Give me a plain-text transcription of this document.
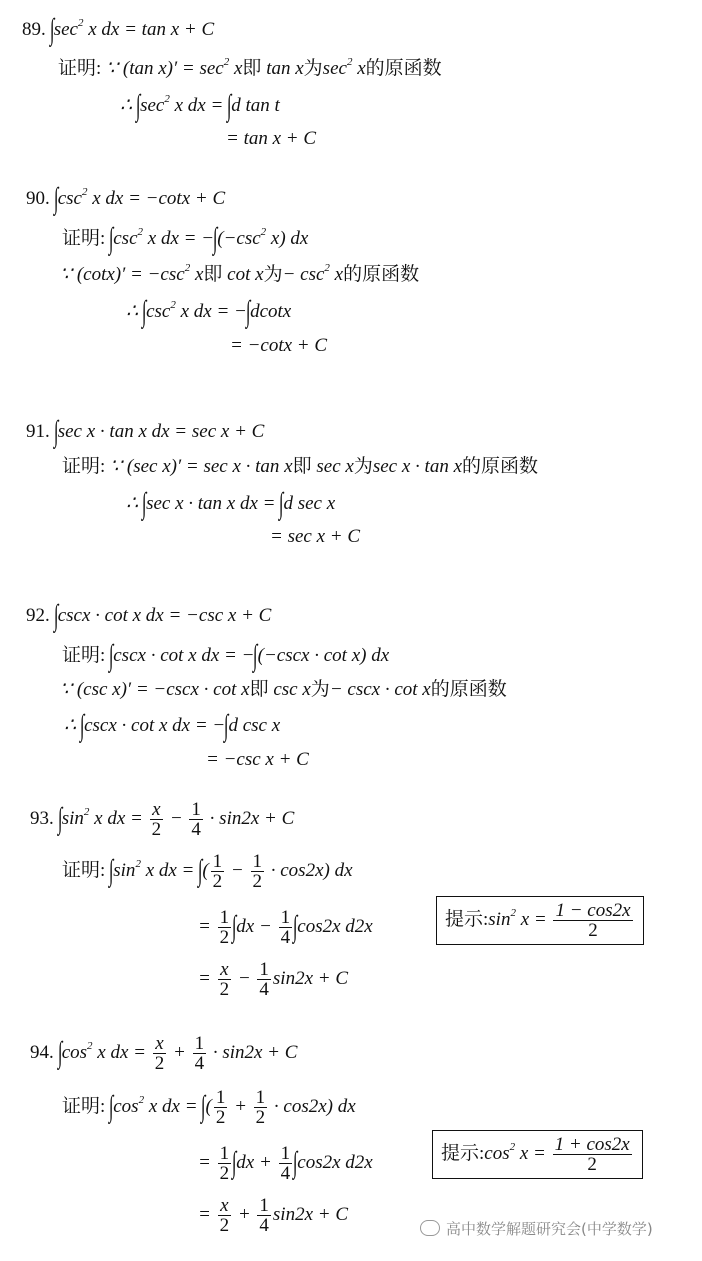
89. $\int\sec^2$ x dx = tan x + C
证明: ∵ (tan $x)' = \sec^2 x$即 tan x为$\sec^2 x$的原函数
∴ $\int\sec^2$ x dx = ∫d tan t
= tan x + C
90. $\int\csc^2$ x dx = −cotx + C
证明: $\int\csc^2$ x dx = $-\int(-\csc^2$ x) dx
∵ $(\cot x)' = -\csc^2$ x即 cot x为− $\csc^2 x$的原函数
∴ $\int\csc^2$ x dx = −∫dcotx
= −cotx + C
91. ∫sec x · tan x dx = sec x + C
证明: ∵ (sec x)′ = sec x · tan x即 sec x为sec x · tan x的原函数
∴ ∫sec x · tan x dx = ∫d sec x
= sec x + C
92. ∫cscx · cot x dx = −csc x + C
证明: ∫cscx · cot x dx = −∫(−cscx · cot x) dx
∵ (csc x)′ = −cscx · cot x即 csc x为− cscx · cot x的原函数
∴ ∫cscx · cot x dx = −∫d csc x
= −csc x + C
93. $\int\sin^2$ x dx = $\frac{x}{2} - \frac{1}{4} \cdot \sin 2x + C$
证明: $\int\sin^2$ x dx = ∫( $\frac{1}{2} - \frac{1}{2} \cdot \cos 2x$) dx
= $\frac{1}{2} \int dx - \frac{1}{4} \int\cos 2x$ d2x
= $\frac{x}{2} - \frac{1}{4} \sin 2x + C$
提示$:\sin^2$ $x = \frac{1 - \cos 2x}{2}$
94. $\int\cos^2$ x dx = $\frac{x}{2} + \frac{1}{4} \cdot \sin 2x + C$
证明: $\int\cos^2$ x dx = ∫( $\frac{1}{2} + \frac{1}{2} \cdot \cos 2x$) dx
= $\frac{1}{2} \int dx + \frac{1}{4} \int\cos 2x$ d2x
= $\frac{x}{2} + \frac{1}{4} \sin 2x + C$
提示$:\cos^2$ $x = \frac{1 + \cos 2x}{2}$
高中数学解题研究会(中学数学)
